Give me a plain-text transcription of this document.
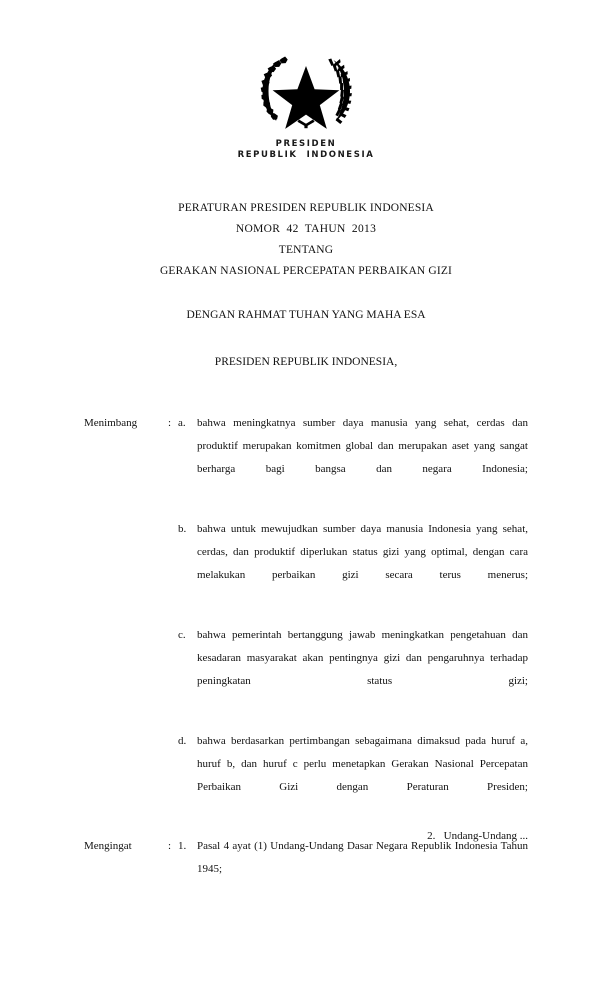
PRESIDEN
REPUBLIK  INDONESIA
PERATURAN PRESIDEN REPUBLIK INDONESIA
NOMOR  42  TAHUN  2013
TENTANG
GERAKAN NASIONAL PERCEPATAN PERBAIKAN GIZI
DENGAN RAHMAT TUHAN YANG MAHA ESA
PRESIDEN REPUBLIK INDONESIA,
Menimbang	: a.	bahwa meningkatnya sumber daya manusia yang sehat, cerdas dan produktif merupakan komitmen global dan merupakan aset yang sangat berharga bagi bangsa dan negara Indonesia;
b. bahwa untuk mewujudkan sumber daya manusia Indonesia yang sehat, cerdas, dan produktif diperlukan status gizi yang optimal, dengan cara melakukan perbaikan gizi secara terus menerus;
c.	bahwa pemerintah bertanggung jawab meningkatkan pengetahuan dan kesadaran masyarakat akan pentingnya gizi dan pengaruhnya terhadap peningkatan status gizi;
d. bahwa berdasarkan pertimbangan sebagaimana dimaksud pada huruf a, huruf b, dan huruf c perlu menetapkan Gerakan Nasional Percepatan Perbaikan Gizi dengan Peraturan Presiden;
Mengingat	: 1. Pasal 4 ayat (1) Undang-Undang Dasar Negara Republik Indonesia Tahun 1945;
2.   Undang-Undang ...
